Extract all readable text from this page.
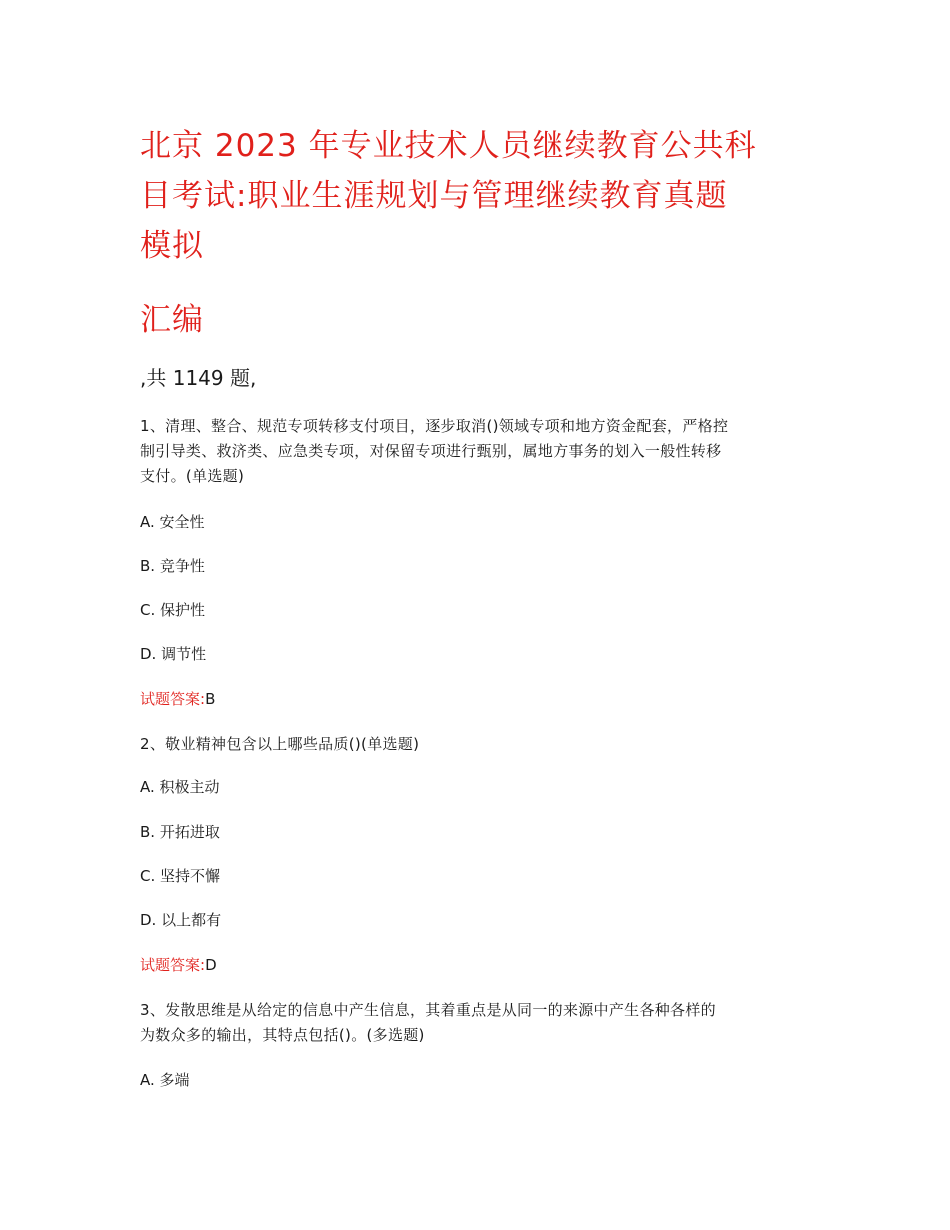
北京 2023 年专业技术人员继续教育公共科
目考试:职业生涯规划与管理继续教育真题
模拟
汇编
,共 1149 题,

1、清理、整合、规范专项转移支付项目，逐步取消()领域专项和地方资金配套，严格控
制引导类、救济类、应急类专项，对保留专项进行甄别，属地方事务的划入一般性转移
支付。(单选题)

A. 安全性
B. 竞争性
C. 保护性
D. 调节性
试题答案:B

2、敬业精神包含以上哪些品质()(单选题)

A. 积极主动
B. 开拓进取
C. 坚持不懈
D. 以上都有
试题答案:D

3、发散思维是从给定的信息中产生信息，其着重点是从同一的来源中产生各种各样的
为数众多的输出，其特点包括()。(多选题)

A. 多端
